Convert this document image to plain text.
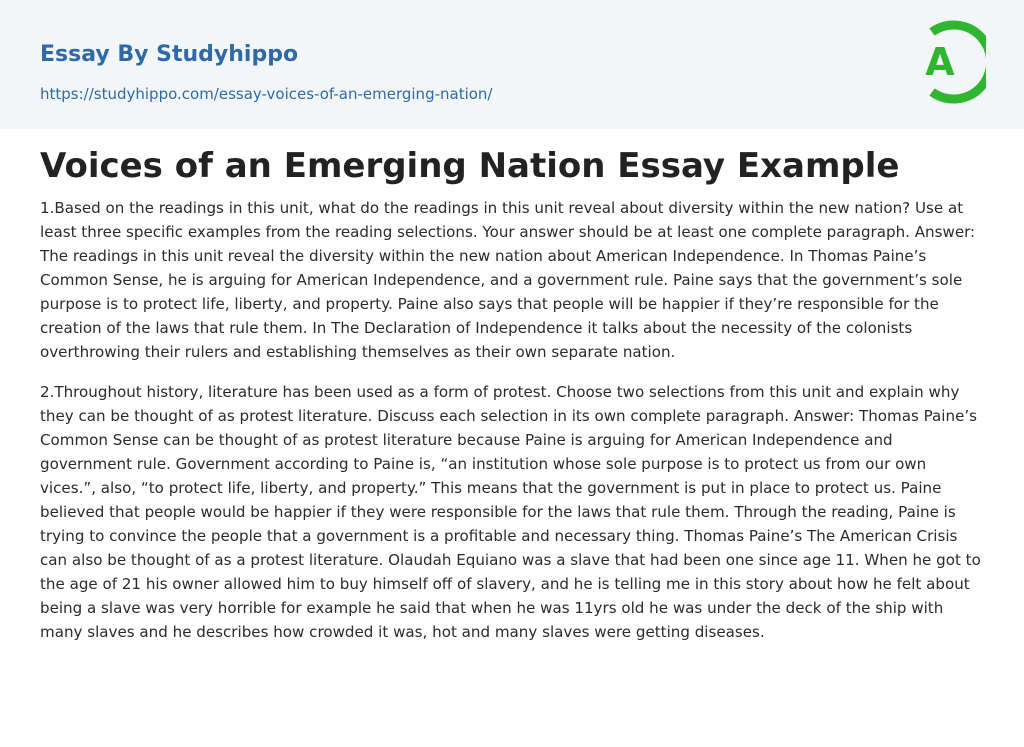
Essay By Studyhippo
https://studyhippo.com/essay-voices-of-an-emerging-nation/
A
Voices of an Emerging Nation Essay Example

1.Based on the readings in this unit, what do the readings in this unit reveal about diversity within the new nation? Use at least three specific examples from the reading selections. Your answer should be at least one complete paragraph. Answer: The readings in this unit reveal the diversity within the new nation about American Independence. In Thomas Paine’s Common Sense, he is arguing for American Independence, and a government rule. Paine says that the government’s sole purpose is to protect life, liberty, and property. Paine also says that people will be happier if they’re responsible for the creation of the laws that rule them. In The Declaration of Independence it talks about the necessity of the colonists overthrowing their rulers and establishing themselves as their own separate nation.

2.Throughout history, literature has been used as a form of protest. Choose two selections from this unit and explain why they can be thought of as protest literature. Discuss each selection in its own complete paragraph. Answer: Thomas Paine’s Common Sense can be thought of as protest literature because Paine is arguing for American Independence and government rule. Government according to Paine is, “an institution whose sole purpose is to protect us from our own vices.”, also, “to protect life, liberty, and property.” This means that the government is put in place to protect us. Paine believed that people would be happier if they were responsible for the laws that rule them. Through the reading, Paine is trying to convince the people that a government is a profitable and necessary thing. Thomas Paine’s The American Crisis can also be thought of as a protest literature. Olaudah Equiano was a slave that had been one since age 11. When he got to the age of 21 his owner allowed him to buy himself off of slavery, and he is telling me in this story about how he felt about being a slave was very horrible for example he said that when he was 11yrs old he was under the deck of the ship with many slaves and he describes how crowded it was, hot and many slaves were getting diseases.
